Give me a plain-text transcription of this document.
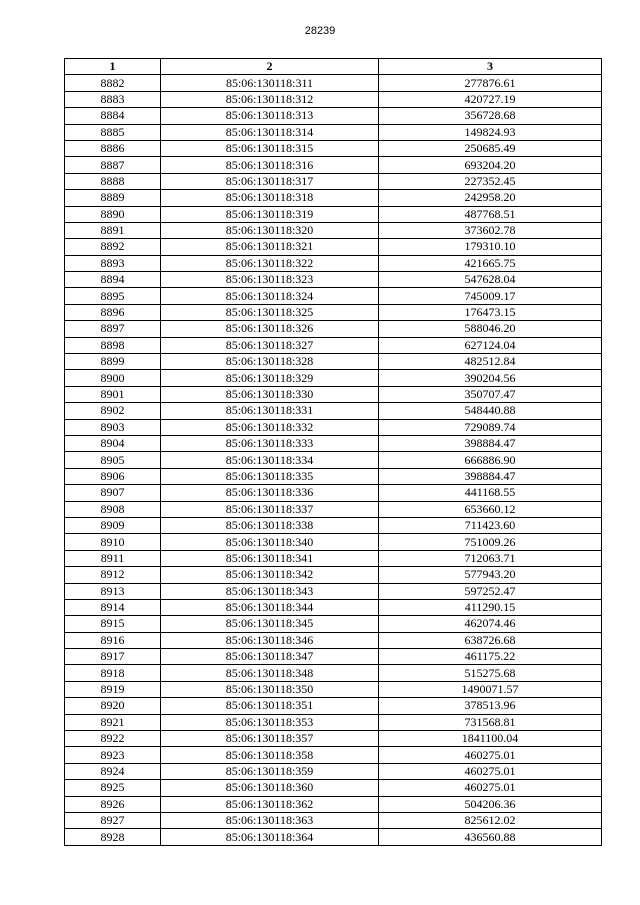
28239
1	2	3
8882	85:06:130118:311	277876.61
8883	85:06:130118:312	420727.19
8884	85:06:130118:313	356728.68
8885	85:06:130118:314	149824.93
8886	85:06:130118:315	250685.49
8887	85:06:130118:316	693204.20
8888	85:06:130118:317	227352.45
8889	85:06:130118:318	242958.20
8890	85:06:130118:319	487768.51
8891	85:06:130118:320	373602.78
8892	85:06:130118:321	179310.10
8893	85:06:130118:322	421665.75
8894	85:06:130118:323	547628.04
8895	85:06:130118:324	745009.17
8896	85:06:130118:325	176473.15
8897	85:06:130118:326	588046.20
8898	85:06:130118:327	627124.04
8899	85:06:130118:328	482512.84
8900	85:06:130118:329	390204.56
8901	85:06:130118:330	350707.47
8902	85:06:130118:331	548440.88
8903	85:06:130118:332	729089.74
8904	85:06:130118:333	398884.47
8905	85:06:130118:334	666886.90
8906	85:06:130118:335	398884.47
8907	85:06:130118:336	441168.55
8908	85:06:130118:337	653660.12
8909	85:06:130118:338	711423.60
8910	85:06:130118:340	751009.26
8911	85:06:130118:341	712063.71
8912	85:06:130118:342	577943.20
8913	85:06:130118:343	597252.47
8914	85:06:130118:344	411290.15
8915	85:06:130118:345	462074.46
8916	85:06:130118:346	638726.68
8917	85:06:130118:347	461175.22
8918	85:06:130118:348	515275.68
8919	85:06:130118:350	1490071.57
8920	85:06:130118:351	378513.96
8921	85:06:130118:353	731568.81
8922	85:06:130118:357	1841100.04
8923	85:06:130118:358	460275.01
8924	85:06:130118:359	460275.01
8925	85:06:130118:360	460275.01
8926	85:06:130118:362	504206.36
8927	85:06:130118:363	825612.02
8928	85:06:130118:364	436560.88
